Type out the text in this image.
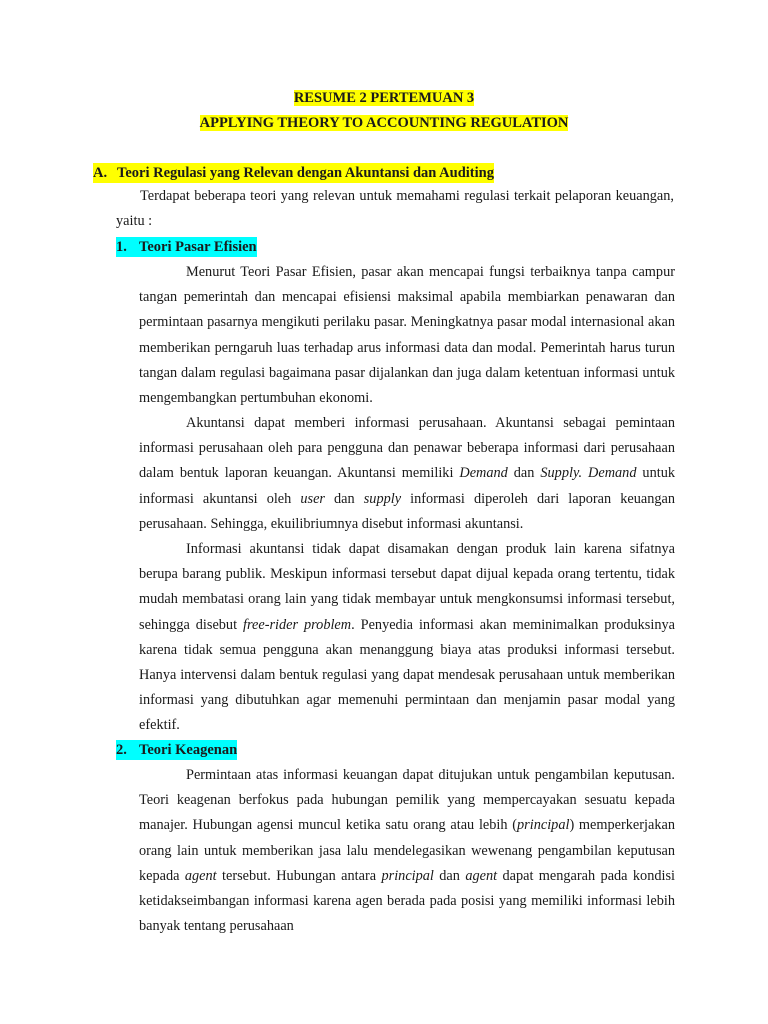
RESUME 2 PERTEMUAN 3
APPLYING THEORY TO ACCOUNTING REGULATION
A. Teori Regulasi yang Relevan dengan Akuntansi dan Auditing

Terdapat beberapa teori yang relevan untuk memahami regulasi terkait pelaporan keuangan, yaitu :

1. Teori Pasar Efisien

Menurut Teori Pasar Efisien, pasar akan mencapai fungsi terbaiknya tanpa campur tangan pemerintah dan mencapai efisiensi maksimal apabila membiarkan penawaran dan permintaan pasarnya mengikuti perilaku pasar. Meningkatnya pasar modal internasional akan memberikan perngaruh luas terhadap arus informasi data dan modal. Pemerintah harus turun tangan dalam regulasi bagaimana pasar dijalankan dan juga dalam ketentuan informasi untuk mengembangkan pertumbuhan ekonomi.

Akuntansi dapat memberi informasi perusahaan. Akuntansi sebagai pemintaan informasi perusahaan oleh para pengguna dan penawar beberapa informasi dari perusahaan dalam bentuk laporan keuangan. Akuntansi memiliki Demand dan Supply. Demand untuk informasi akuntansi oleh user dan supply informasi diperoleh dari laporan keuangan perusahaan. Sehingga, ekuilibriumnya disebut informasi akuntansi.

Informasi akuntansi tidak dapat disamakan dengan produk lain karena sifatnya berupa barang publik. Meskipun informasi tersebut dapat dijual kepada orang tertentu, tidak mudah membatasi orang lain yang tidak membayar untuk mengkonsumsi informasi tersebut, sehingga disebut free-rider problem. Penyedia informasi akan meminimalkan produksinya karena tidak semua pengguna akan menanggung biaya atas produksi informasi tersebut. Hanya intervensi dalam bentuk regulasi yang dapat mendesak perusahaan untuk memberikan informasi yang dibutuhkan agar memenuhi permintaan dan menjamin pasar modal yang efektif.

2. Teori Keagenan

Permintaan atas informasi keuangan dapat ditujukan untuk pengambilan keputusan. Teori keagenan berfokus pada hubungan pemilik yang mempercayakan sesuatu kepada manajer. Hubungan agensi muncul ketika satu orang atau lebih (principal) memperkerjakan orang lain untuk memberikan jasa lalu mendelegasikan wewenang pengambilan keputusan kepada agent tersebut. Hubungan antara principal dan agent dapat mengarah pada kondisi ketidakseimbangan informasi karena agen berada pada posisi yang memiliki informasi lebih banyak tentang perusahaan
